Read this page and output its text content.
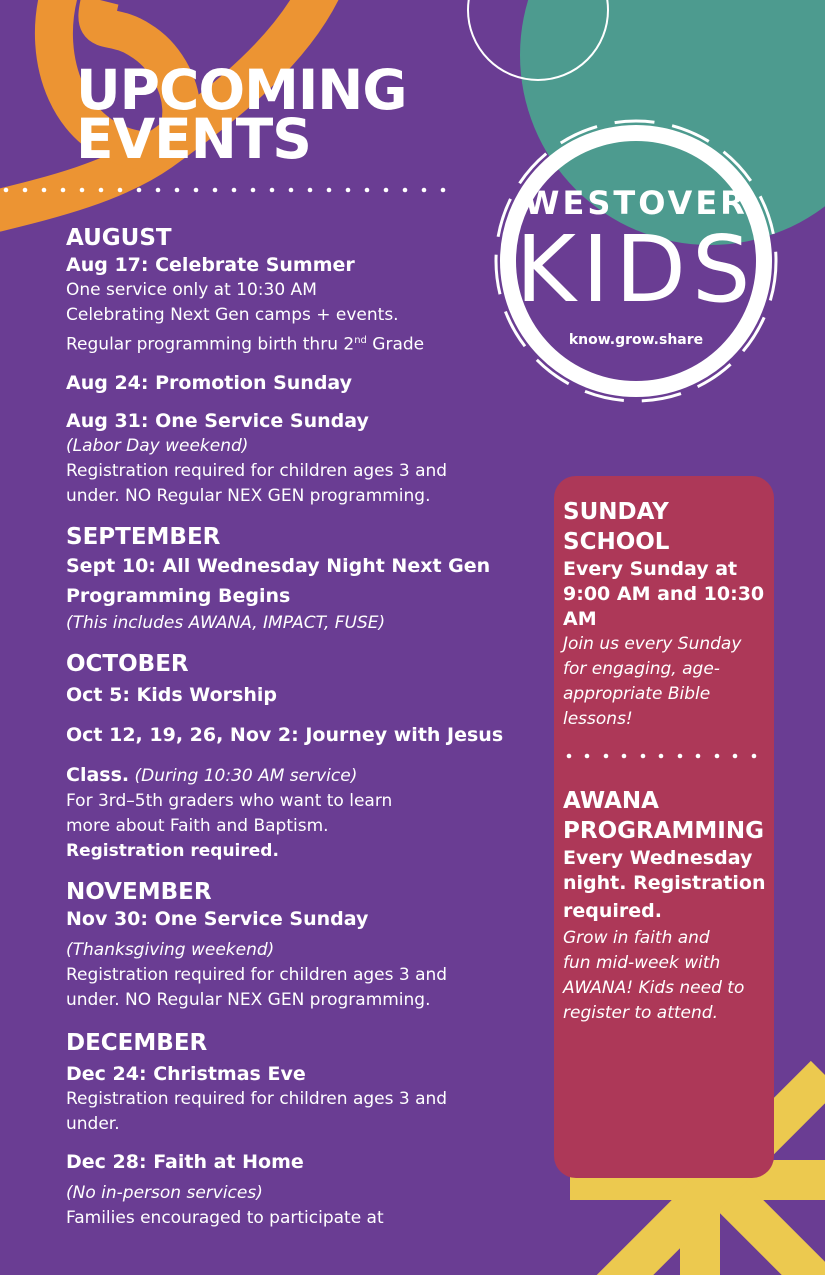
UPCOMING
EVENTS
WESTOVER
KIDS
know.grow.share
AUGUST
Aug 17: Celebrate Summer
One service only at 10:30 AM
Celebrating Next Gen camps + events.
Regular programming birth thru 2nd Grade
Aug 24: Promotion Sunday
Aug 31: One Service Sunday
(Labor Day weekend)
Registration required for children ages 3 and
under. NO Regular NEX GEN programming.
SEPTEMBER
Sept 10: All Wednesday Night Next Gen
Programming Begins
(This includes AWANA, IMPACT, FUSE)
OCTOBER
Oct 5: Kids Worship
Oct 12, 19, 26, Nov 2: Journey with Jesus
Class. (During 10:30 AM service)
For 3rd–5th graders who want to learn
more about Faith and Baptism.
Registration required.
NOVEMBER
Nov 30: One Service Sunday
(Thanksgiving weekend)
Registration required for children ages 3 and
under. NO Regular NEX GEN programming.
DECEMBER
Dec 24: Christmas Eve
Registration required for children ages 3 and
under.
Dec 28: Faith at Home
(No in-person services)
Families encouraged to participate at
SUNDAY
SCHOOL
Every Sunday at
9:00 AM and 10:30
AM
Join us every Sunday
for engaging, age-
appropriate Bible
lessons!
AWANA
PROGRAMMING
Every Wednesday
night. Registration
required.
Grow in faith and
fun mid-week with
AWANA! Kids need to
register to attend.
